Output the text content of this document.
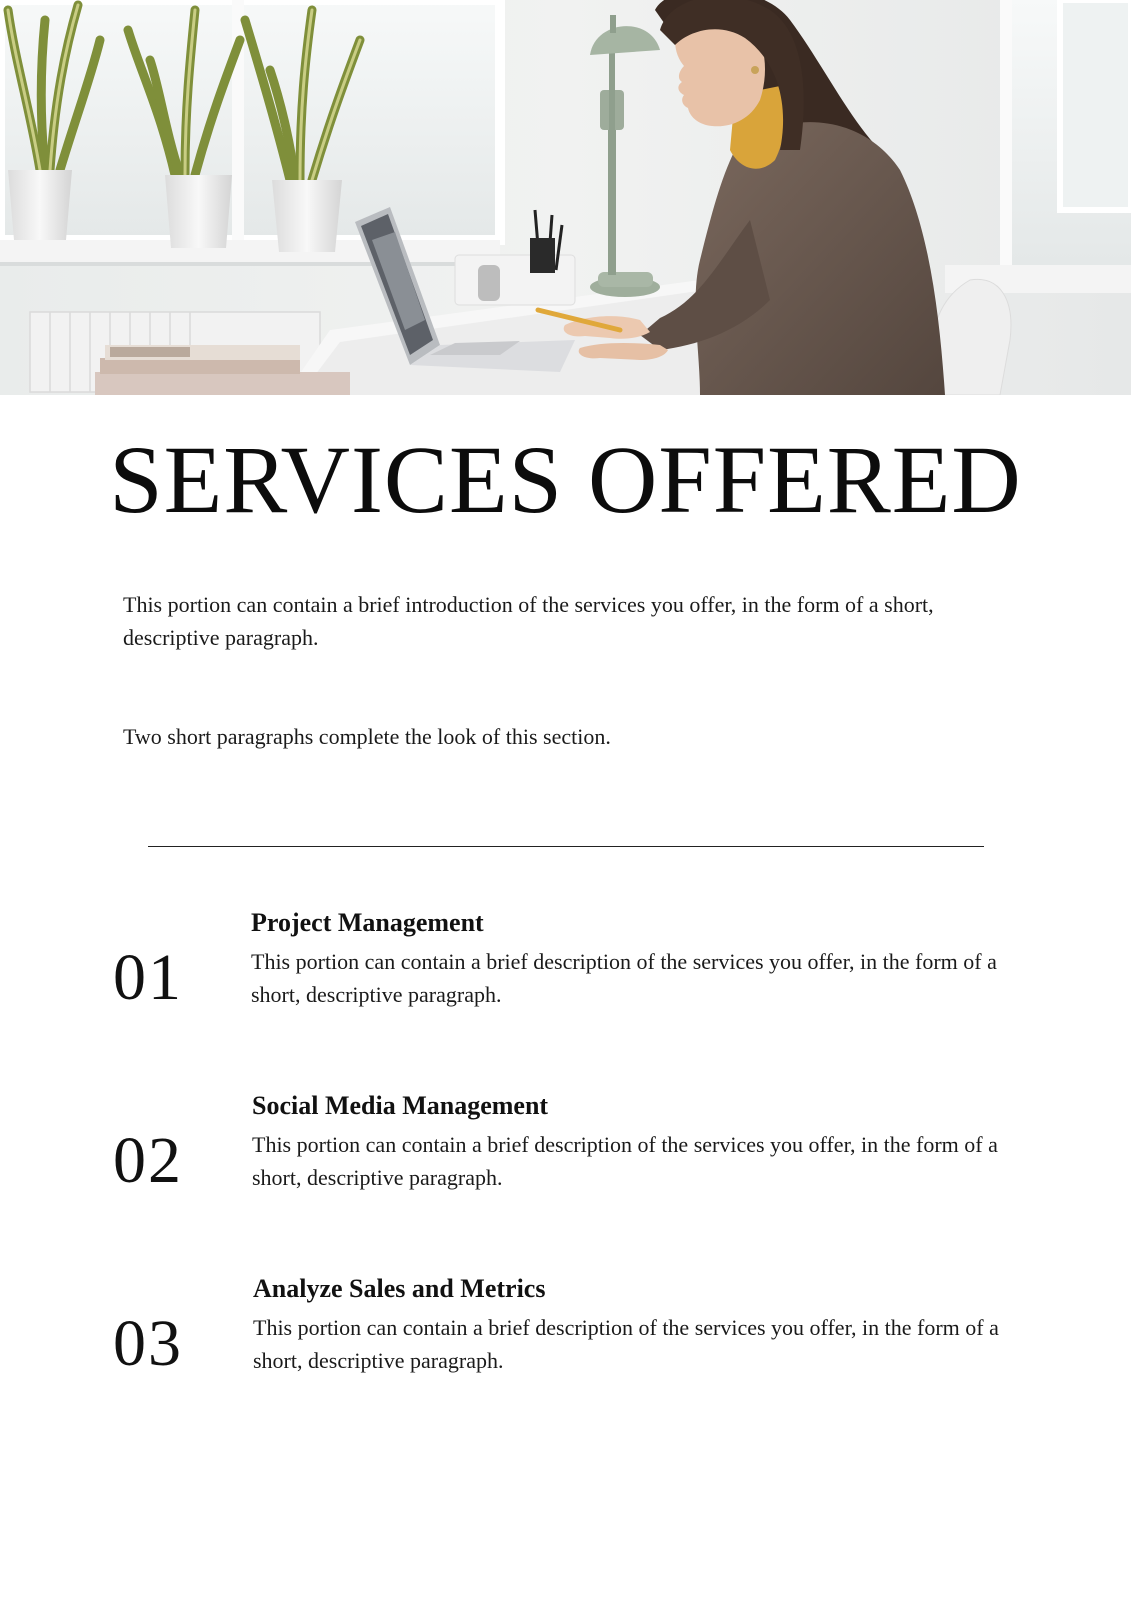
SERVICES OFFERED

This portion can contain a brief introduction of the services you offer, in the form of a short, descriptive paragraph.

Two short paragraphs complete the look of this section.

01
Project Management

This portion can contain a brief description of the services you offer, in the form of a short, descriptive paragraph.

02
Social Media Management

This portion can contain a brief description of the services you offer, in the form of a short, descriptive paragraph.

03
Analyze Sales and Metrics

This portion can contain a brief description of the services you offer, in the form of a short, descriptive paragraph.
